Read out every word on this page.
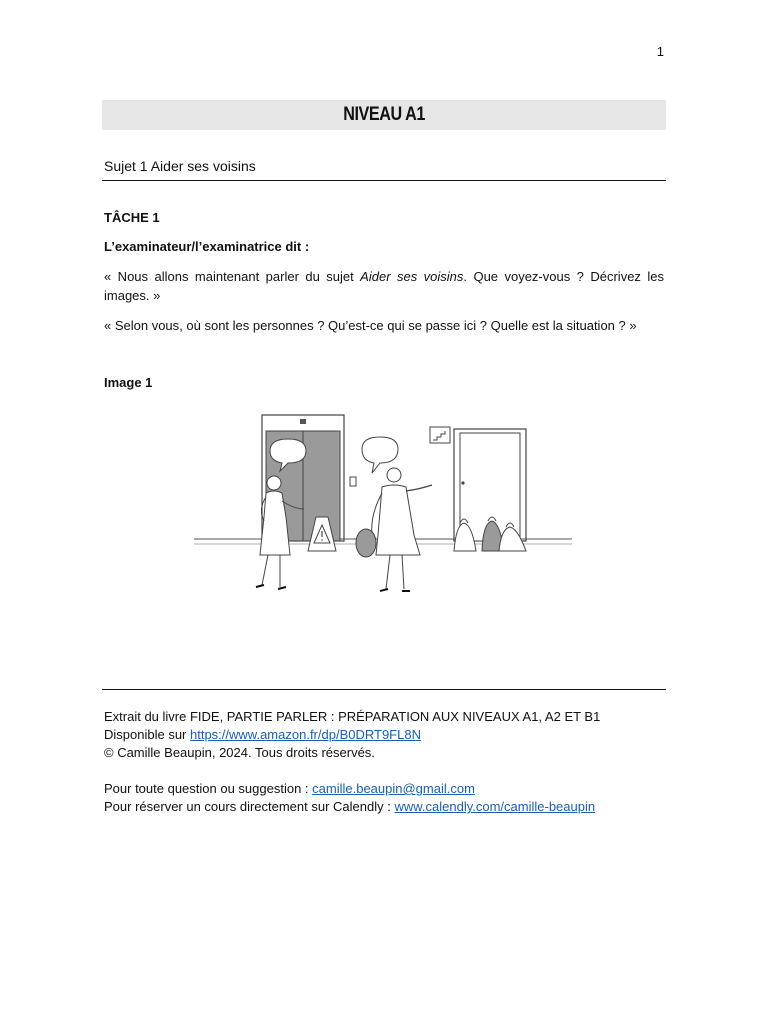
1
NIVEAU A1
Sujet 1 Aider ses voisins
TÂCHE 1
L’examinateur/l’examinatrice dit :
« Nous allons maintenant parler du sujet Aider ses voisins. Que voyez-vous ? Décrivez les images. »
« Selon vous, où sont les personnes ? Qu’est-ce qui se passe ici ? Quelle est la situation ? »
Image 1
Extrait du livre FIDE, PARTIE PARLER : PRÉPARATION AUX NIVEAUX A1, A2 ET B1
Disponible sur https://www.amazon.fr/dp/B0DRT9FL8N
© Camille Beaupin, 2024. Tous droits réservés.
Pour toute question ou suggestion : camille.beaupin@gmail.com
Pour réserver un cours directement sur Calendly : www.calendly.com/camille-beaupin
